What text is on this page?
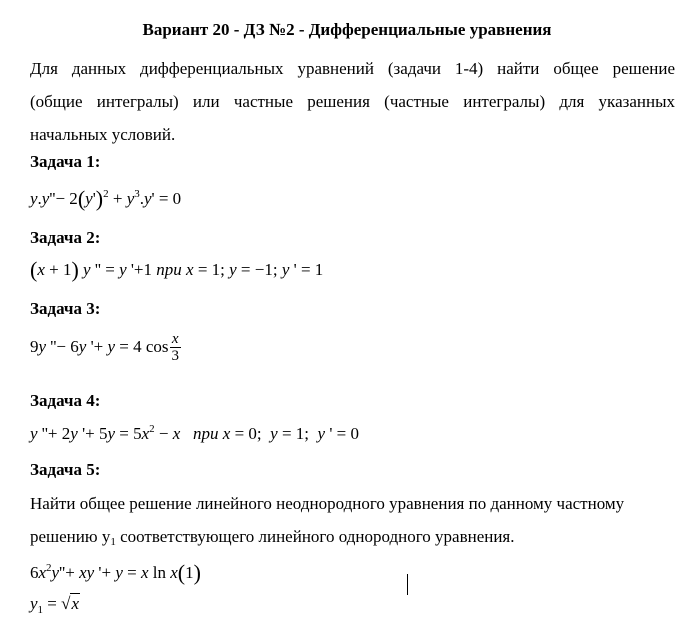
Вариант 20 - ДЗ №2 - Дифференциальные уравнения
Для данных дифференциальных уравнений (задачи 1-4) найти общее решение
(общие интегралы) или частные решения (частные интегралы) для указанных
начальных условий.
Задача 1:
$y.y''- 2(y')^2 + y^3.y' = 0$
Задача 2:
(x + 1) y '' = y '+1 при x = 1; y = −1; y ' = 1
Задача 3:
9y ''− 6y '+ y = 4 $\cos \frac{x}{3}$
Задача 4:
y ''+ 2y '+ $5y = 5x^2 - x$ при x = 0;  y = 1;  y ' = 0
Задача 5:
Найти общее решение линейного неоднородного уравнения по данному частному
решению $y_1$ соответствующего линейного однородного уравнения.
$6x^2y''+$ xy '+ y = x ln x(1)
$y_1 = √x$
